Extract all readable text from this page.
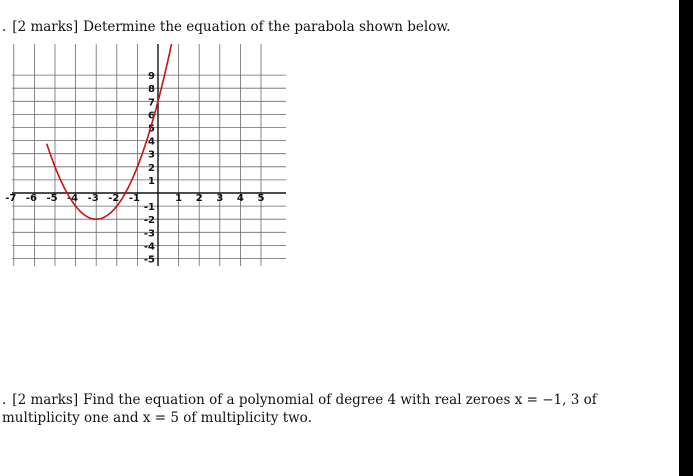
. [2 marks] Determine the equation of the parabola shown below.

-7 -6 -5 -4 -3 -2 -1	1 2 3 4 5
9
8
7
6
5
4
3
2
1
-1
-2
-3
-4
-5

. [2 marks] Find the equation of a polynomial of degree 4 with real zeroes x = −1, 3 of multiplicity one and x = 5 of multiplicity two.
